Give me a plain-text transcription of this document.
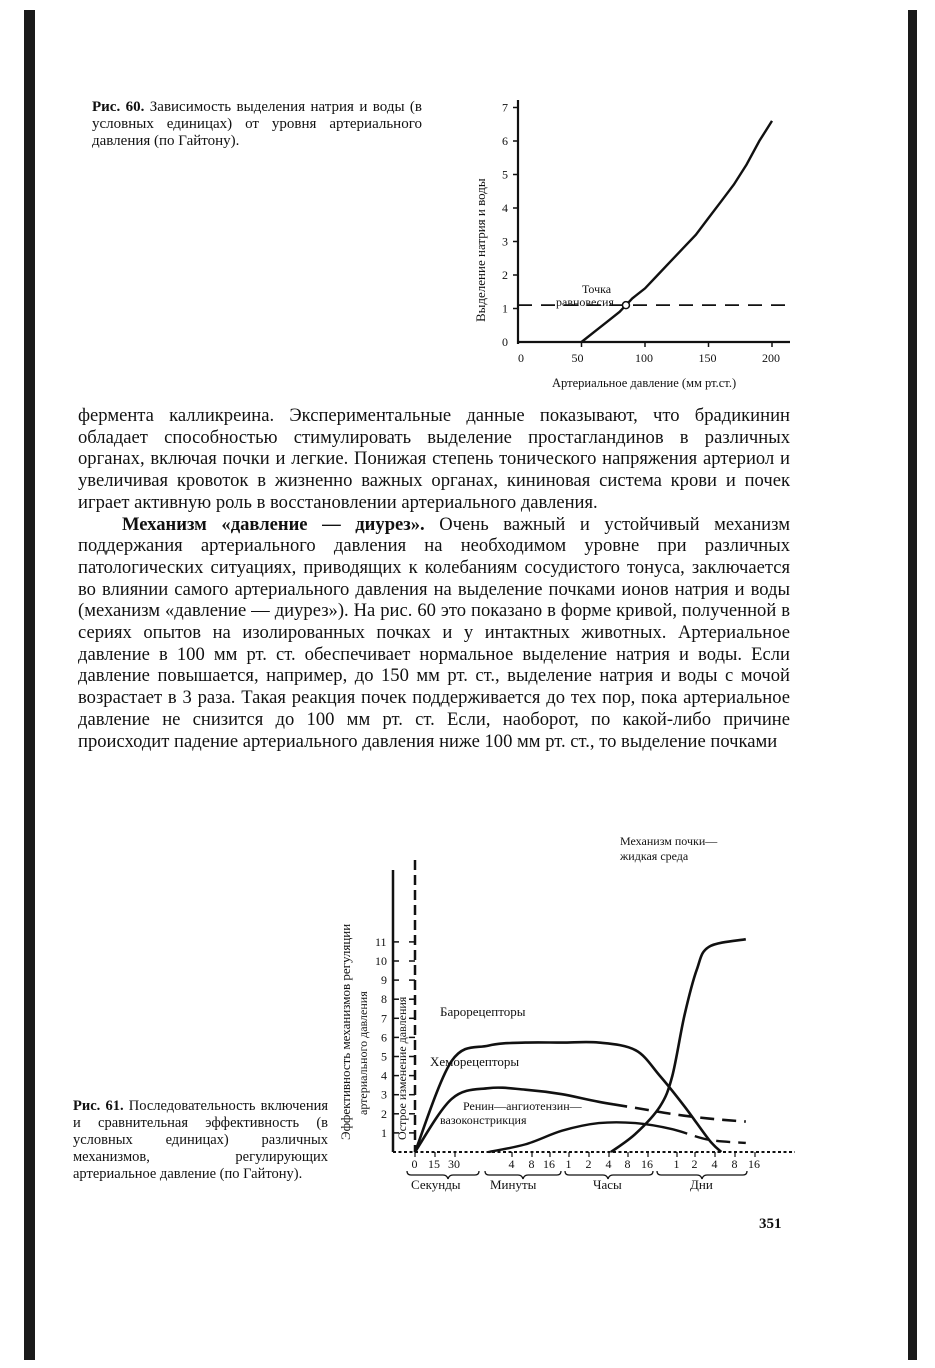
Рис. 60. Зависимость выделения натрия и воды (в условных единицах) от уровня артериального давления (по Гайтону).
0
1
2
3
4
5
6
7
0	50	100	150	200
Точка
равновесия
Выделение натрия и воды
Артериальное давление (мм рт.ст.)

фермента калликреина. Экспериментальные данные показывают, что брадикинин обладает способностью стимулировать выделение простагландинов в различных органах, включая почки и легкие. Понижая степень тонического напряжения артериол и увеличивая кровоток в жизненно важных органах, кининовая система крови и почек играет активную роль в восстановлении артериального давления.

Механизм «давление — диурез». Очень важный и устойчивый механизм поддержания артериального давления на необходимом уровне при различных патологических ситуациях, приводящих к колебаниям сосудистого тонуса, заключается во влиянии самого артериального давления на выделение почками ионов натрия и воды (механизм «давление — диурез»). На рис. 60 это показано в форме кривой, полученной в сериях опытов на изолированных почках и у интактных животных. Артериальное давление в 100 мм рт. ст. обеспечивает нормальное выделение натрия и воды. Если давление повышается, например, до 150 мм рт. ст., выделение натрия и воды с мочой возрастает в 3 раза. Такая реакция почек поддерживается до тех пор, пока артериальное давление не снизится до 100 мм рт. ст. Если, наоборот, по какой-либо причине происходит падение артериального давления ниже 100 мм рт. ст., то выделение почками

Рис. 61. Последовательность включения и сравнительная эффективность (в условных единицах) различных механизмов, регулирующих артериальное давление (по Гайтону).
1
2
3
4
5
6
7
8
9
10
11
0 15 30	4 8 16 1 2 4 8 16 1 2 4 8 16
Механизм почки—
жидкая среда
Барорецепторы
Хеморецепторы
Ренин—ангиотензин—
вазоконстрикция
Эффективность механизмов регуляции артериального давления Острое изменение давления
Секунды Минуты	Часы	Дни
351
